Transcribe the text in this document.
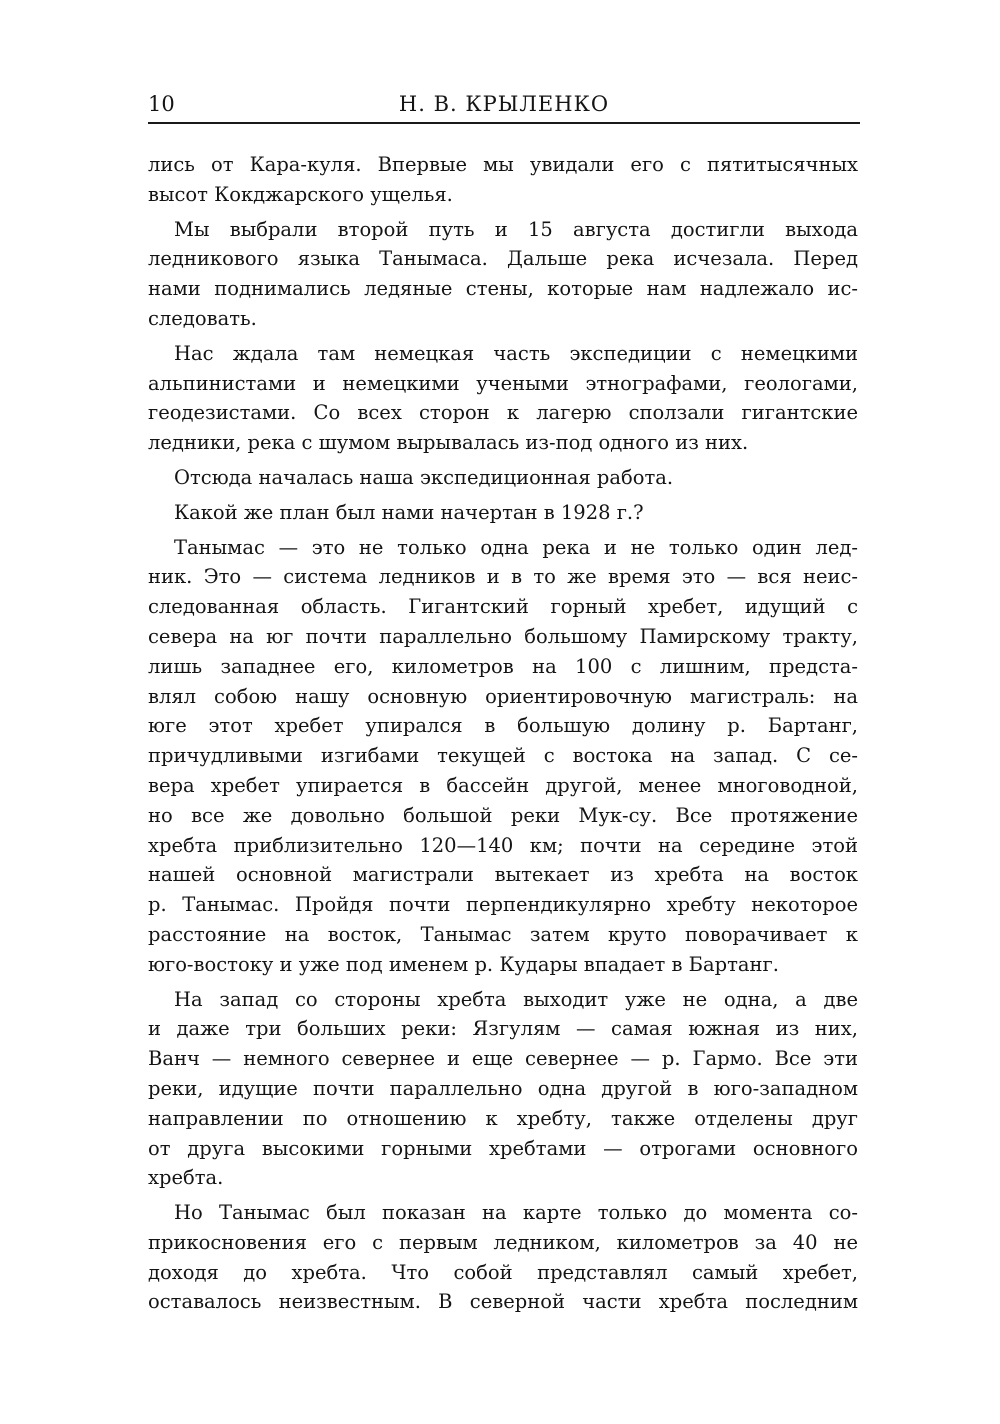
10	Н. В. КРЫЛЕНКО

лись от Кара-куля. Впервые мы увидали его с пятитысячных

высот Кокджарского ущелья.

Мы выбрали второй путь и 15 августа достигли выхода

ледникового языка Танымаса. Дальше река исчезала. Перед

нами поднимались ледяные стены, которые нам надлежало ис-

следовать.

Нас ждала там немецкая часть экспедиции с немецкими

альпинистами и немецкими учеными этнографами, геологами,

геодезистами. Со всех сторон к лагерю сползали гигантские

ледники, река с шумом вырывалась из-под одного из них.

Отсюда началась наша экспедиционная работа.

Какой же план был нами начертан в 1928 г.?

Танымас — это не только одна река и не только один лед-

ник. Это — система ледников и в то же время это — вся неис-

следованная область. Гигантский горный хребет, идущий с

севера на юг почти параллельно большому Памирскому тракту,

лишь западнее его, километров на 100 с лишним, предста-

влял собою нашу основную ориентировочную магистраль: на

юге этот хребет упирался в большую долину р. Бартанг,

причудливыми изгибами текущей с востока на запад. С се-

вера хребет упирается в бассейн другой, менее многоводной,

но все же довольно большой реки Мук-су. Все протяжение

хребта приблизительно 120—140 км; почти на середине этой

нашей основной магистрали вытекает из хребта на восток

р. Танымас. Пройдя почти перпендикулярно хребту некоторое

расстояние на восток, Танымас затем круто поворачивает к

юго-востоку и уже под именем р. Кудары впадает в Бартанг.

На запад со стороны хребта выходит уже не одна, а две

и даже три больших реки: Язгулям — самая южная из них,

Ванч — немного севернее и еще севернее — р. Гармо. Все эти

реки, идущие почти параллельно одна другой в юго-западном

направлении по отношению к хребту, также отделены друг

от друга высокими горными хребтами — отрогами основного

хребта.

Но Танымас был показан на карте только до момента со-

прикосновения его с первым ледником, километров за 40 не

доходя до хребта. Что собой представлял самый хребет,

оставалось неизвестным. В северной части хребта последним
